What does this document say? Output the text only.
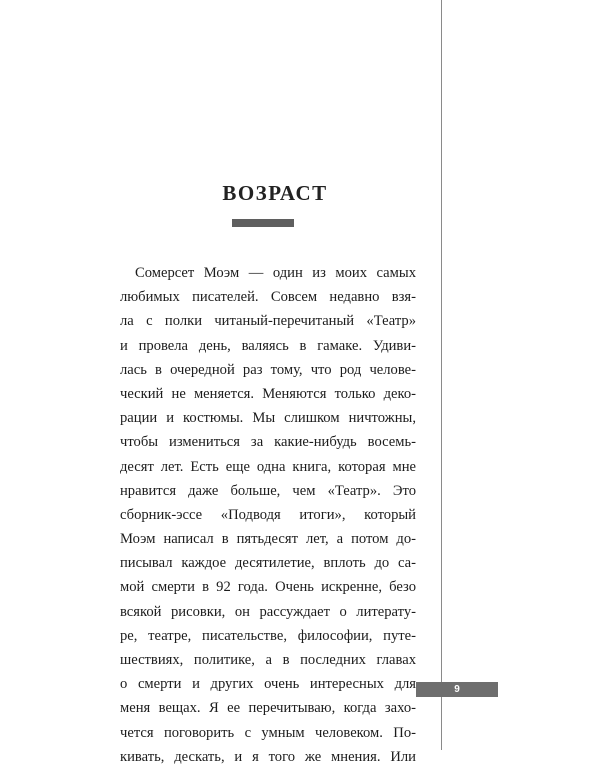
ВОЗРАСТ
Сомерсет Моэм — один из моих самых
любимых писателей. Совсем недавно взя-
ла с полки читаный-перечитаный «Театр»
и провела день, валяясь в гамаке. Удиви-
лась в очередной раз тому, что род челове-
ческий не меняется. Меняются только деко-
рации и костюмы. Мы слишком ничтожны,
чтобы измениться за какие-нибудь восемь-
десят лет. Есть еще одна книга, которая мне
нравится даже больше, чем «Театр». Это
сборник-эссе «Подводя итоги», который
Моэм написал в пятьдесят лет, а потом до-
писывал каждое десятилетие, вплоть до са-
мой смерти в 92 года. Очень искренне, безо
всякой рисовки, он рассуждает о литерату-
ре, театре, писательстве, философии, путе-
шествиях, политике, а в последних главах
о смерти и других очень интересных для
меня вещах. Я ее перечитываю, когда захо-
чется поговорить с умным человеком. По-
кивать, дескать, и я того же мнения. Или
9
